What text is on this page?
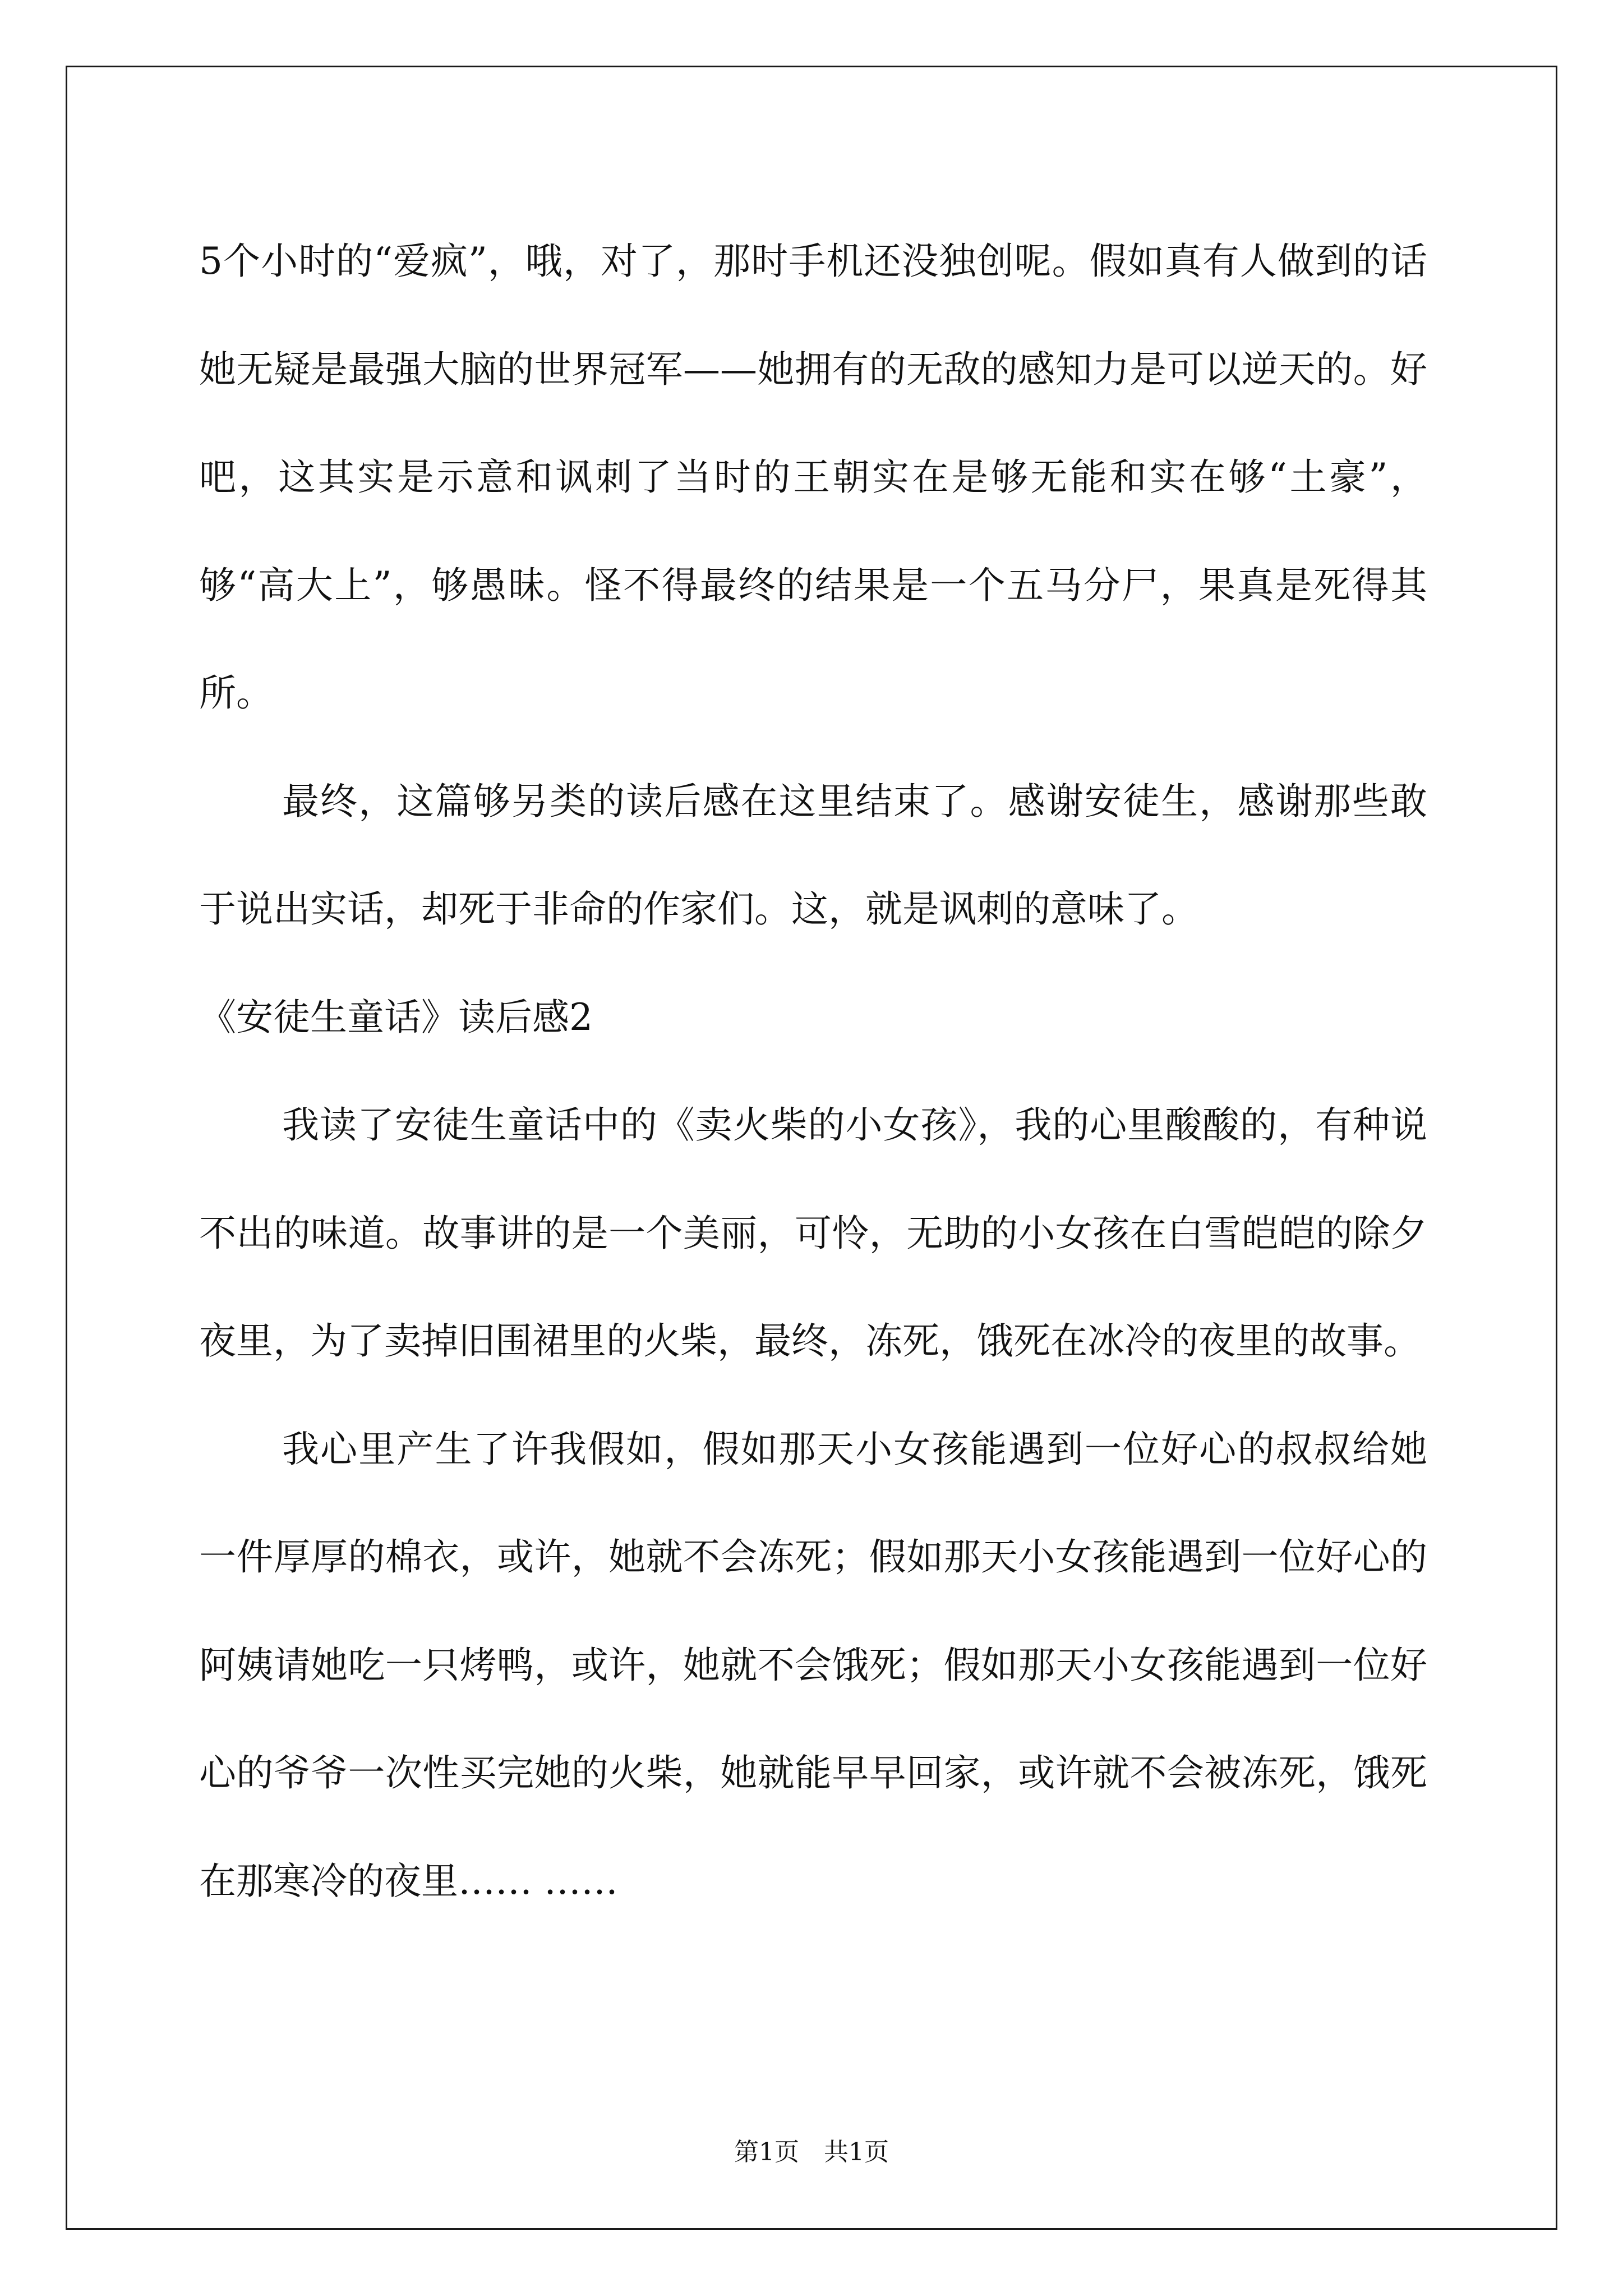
5个小时的“爱疯”，哦，对了，那时手机还没独创呢。假如真有人做到的话她无疑是最强大脑的世界冠军——她拥有的无敌的感知力是可以逆天的。好吧，这其实是示意和讽刺了当时的王朝实在是够无能和实在够“土豪”，够“高大上”，够愚昧。怪不得最终的结果是一个五马分尸，果真是死得其所。

最终，这篇够另类的读后感在这里结束了。感谢安徒生，感谢那些敢于说出实话，却死于非命的作家们。这，就是讽刺的意味了。

《安徒生童话》读后感2

我读了安徒生童话中的《卖火柴的小女孩》，我的心里酸酸的，有种说不出的味道。故事讲的是一个美丽，可怜，无助的小女孩在白雪皑皑的除夕夜里，为了卖掉旧围裙里的火柴，最终，冻死，饿死在冰冷的夜里的故事。

我心里产生了许我假如，假如那天小女孩能遇到一位好心的叔叔给她一件厚厚的棉衣，或许，她就不会冻死；假如那天小女孩能遇到一位好心的阿姨请她吃一只烤鸭，或许，她就不会饿死；假如那天小女孩能遇到一位好心的爷爷一次性买完她的火柴，她就能早早回家，或许就不会被冻死，饿死在那寒冷的夜里…… ……

第1页 共1页
